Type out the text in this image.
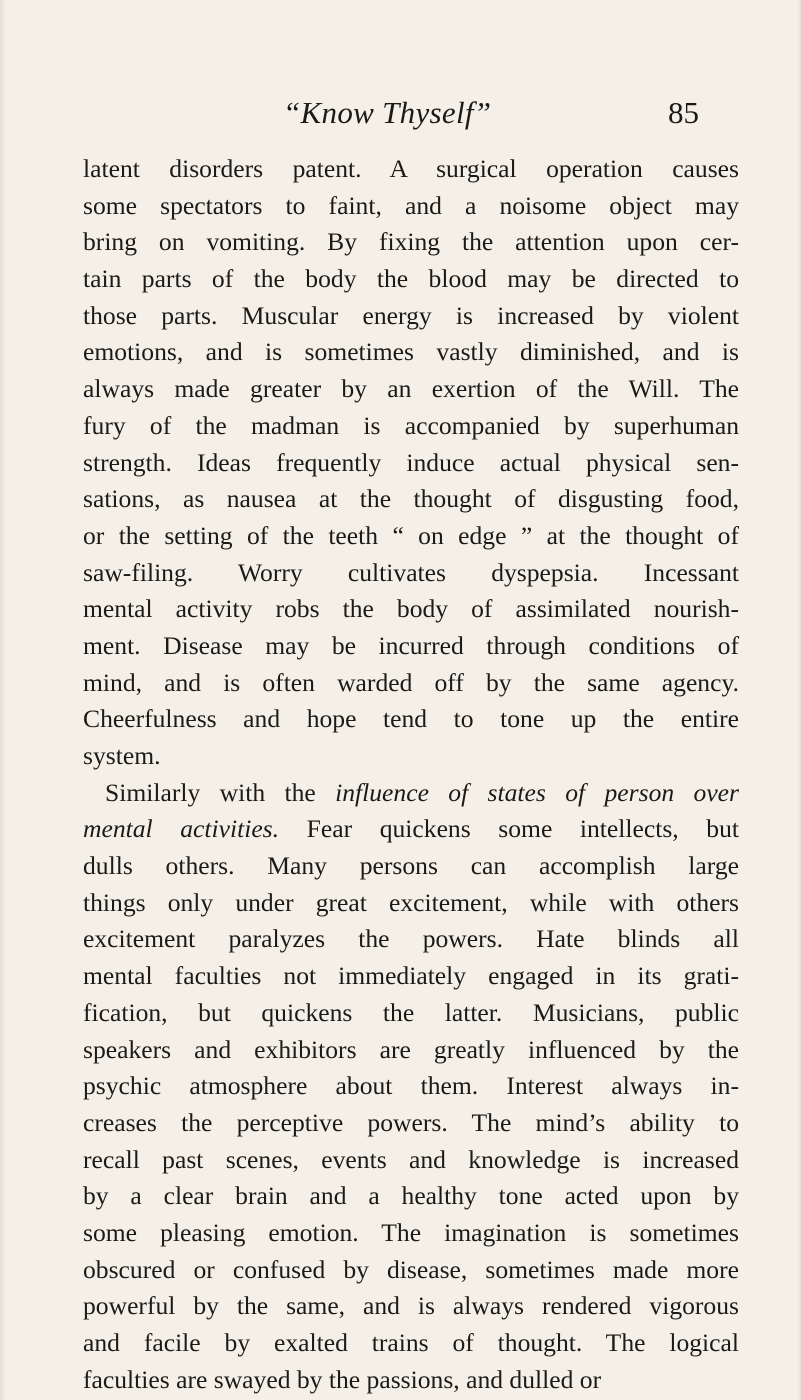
“Know Thyself”	85
latent disorders patent. A surgical operation causes
some spectators to faint, and a noisome object may
bring on vomiting. By fixing the attention upon cer-
tain parts of the body the blood may be directed to
those parts. Muscular energy is increased by violent
emotions, and is sometimes vastly diminished, and is
always made greater by an exertion of the Will. The
fury of the madman is accompanied by superhuman
strength. Ideas frequently induce actual physical sen-
sations, as nausea at the thought of disgusting food,
or the setting of the teeth “ on edge ” at the thought of
saw-filing. Worry cultivates dyspepsia. Incessant
mental activity robs the body of assimilated nourish-
ment. Disease may be incurred through conditions of
mind, and is often warded off by the same agency.
Cheerfulness and hope tend to tone up the entire
system.
Similarly with the influence of states of person over
mental activities. Fear quickens some intellects, but
dulls others. Many persons can accomplish large
things only under great excitement, while with others
excitement paralyzes the powers. Hate blinds all
mental faculties not immediately engaged in its grati-
fication, but quickens the latter. Musicians, public
speakers and exhibitors are greatly influenced by the
psychic atmosphere about them. Interest always in-
creases the perceptive powers. The mind’s ability to
recall past scenes, events and knowledge is increased
by a clear brain and a healthy tone acted upon by
some pleasing emotion. The imagination is sometimes
obscured or confused by disease, sometimes made more
powerful by the same, and is always rendered vigorous
and facile by exalted trains of thought. The logical
faculties are swayed by the passions, and dulled or
